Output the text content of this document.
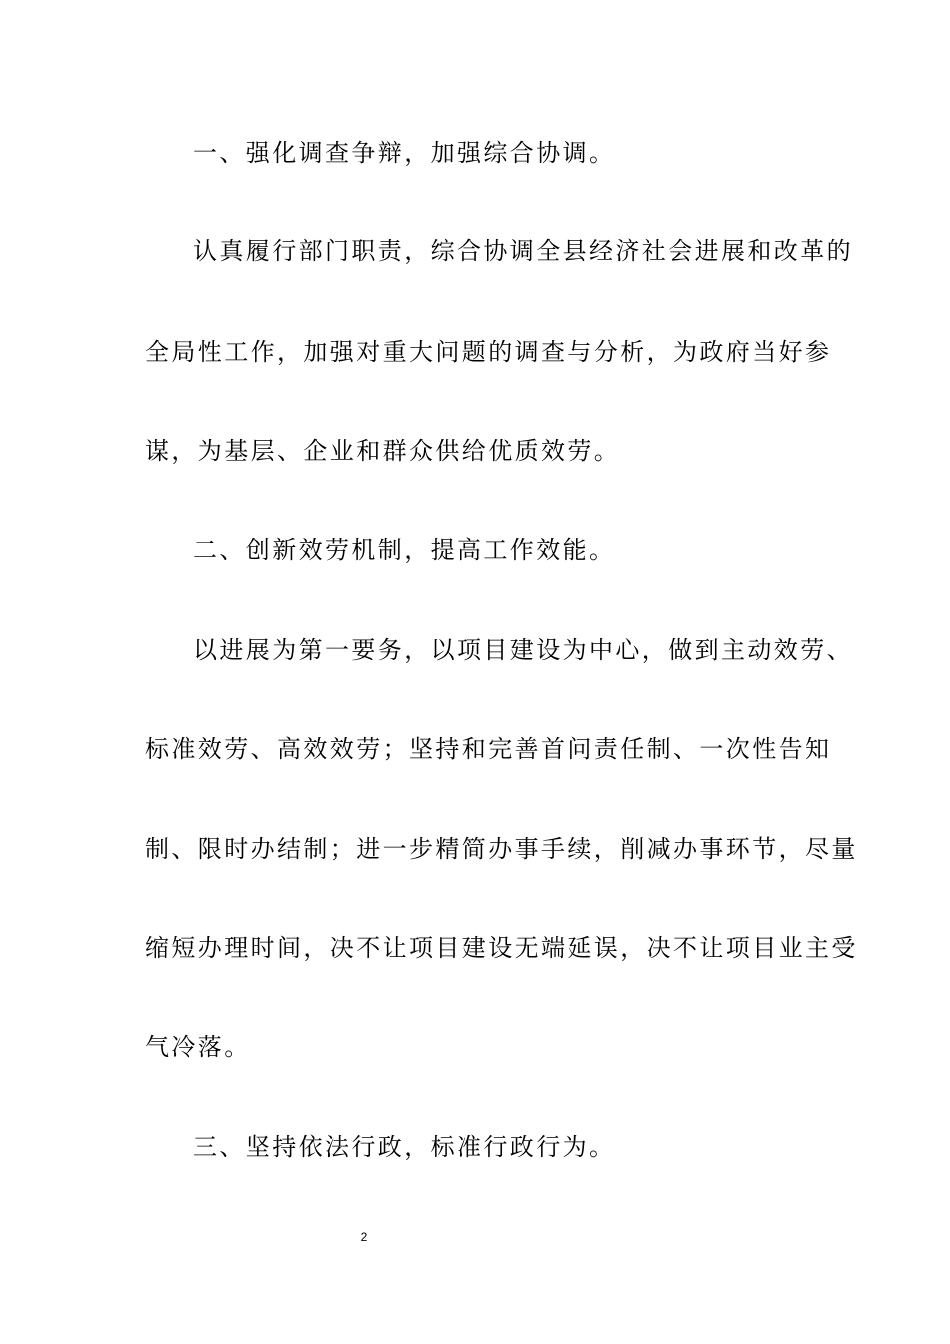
一、强化调查争辩，加强综合协调。
认真履行部门职责，综合协调全县经济社会进展和改革的
全局性工作，加强对重大问题的调查与分析，为政府当好参
谋，为基层、企业和群众供给优质效劳。
二、创新效劳机制，提高工作效能。
以进展为第一要务，以项目建设为中心，做到主动效劳、
标准效劳、高效效劳；坚持和完善首问责任制、一次性告知
制、限时办结制；进一步精简办事手续，削减办事环节，尽量
缩短办理时间，决不让项目建设无端延误，决不让项目业主受
气冷落。
三、坚持依法行政，标准行政行为。
2
